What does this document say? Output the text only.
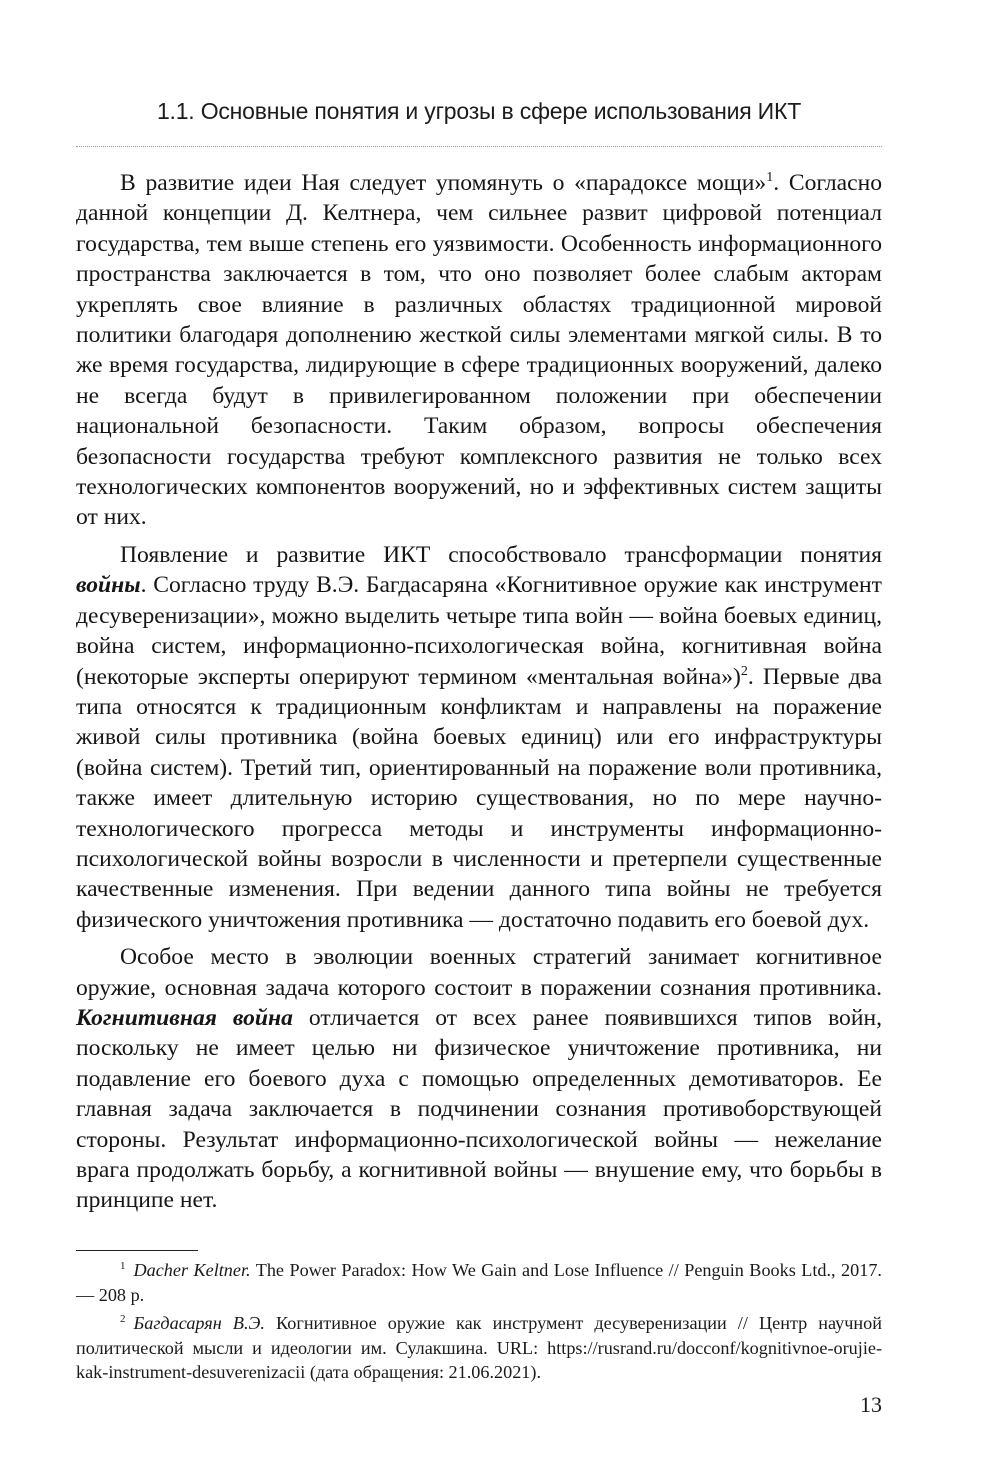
1.1. Основные понятия и угрозы в сфере использования ИКТ

В развитие идеи Ная следует упомянуть о «парадоксе мощи»$^1$. Согласно данной концепции Д. Келтнера, чем сильнее развит цифровой потенциал государства, тем выше степень его уязвимости. Особенность информационного пространства заключается в том, что оно позволяет более слабым акторам укреплять свое влияние в различных областях традиционной мировой политики благодаря дополнению жесткой силы элементами мягкой силы. В то же время государства, лидирующие в сфере традиционных вооружений, далеко не всегда будут в привилегированном положении при обеспечении национальной безопасности. Таким образом, вопросы обеспечения безопасности государства требуют комплексного развития не только всех технологических компонентов вооружений, но и эффективных систем защиты от них.

Появление и развитие ИКТ способствовало трансформации понятия войны. Согласно труду В.Э. Багдасаряна «Когнитивное оружие как инструмент десуверенизации», можно выделить четыре типа войн — война боевых единиц, война систем, информационно-психологическая война, когнитивная война (некоторые эксперты оперируют термином «ментальная война»)$^2$. Первые два типа относятся к традиционным конфликтам и направлены на поражение живой силы противника (война боевых единиц) или его инфраструктуры (война систем). Третий тип, ориентированный на поражение воли противника, также имеет длительную историю существования, но по мере научно-технологического прогресса методы и инструменты информационно-психологической войны возросли в численности и претерпели существенные качественные изменения. При ведении данного типа войны не требуется физического уничтожения противника — достаточно подавить его боевой дух.

Особое место в эволюции военных стратегий занимает когнитивное оружие, основная задача которого состоит в поражении сознания противника. Когнитивная война отличается от всех ранее появившихся типов войн, поскольку не имеет целью ни физическое уничтожение противника, ни подавление его боевого духа с помощью определенных демотиваторов. Ее главная задача заключается в подчинении сознания противоборствующей стороны. Результат информационно-психологической войны — нежелание врага продолжать борьбу, а когнитивной войны — внушение ему, что борьбы в принципе нет.

$^1$ Dacher Keltner. The Power Paradox: How We Gain and Lose Influence // Penguin Books Ltd., 2017. — 208 p.

$^2$ Багдасарян В.Э. Когнитивное оружие как инструмент десуверенизации // Центр научной политической мысли и идеологии им. Сулакшина. URL: https://rusrand.ru/docconf/kognitivnoe-orujie-kak-instrument-desuverenizacii (дата обращения: 21.06.2021).

13
